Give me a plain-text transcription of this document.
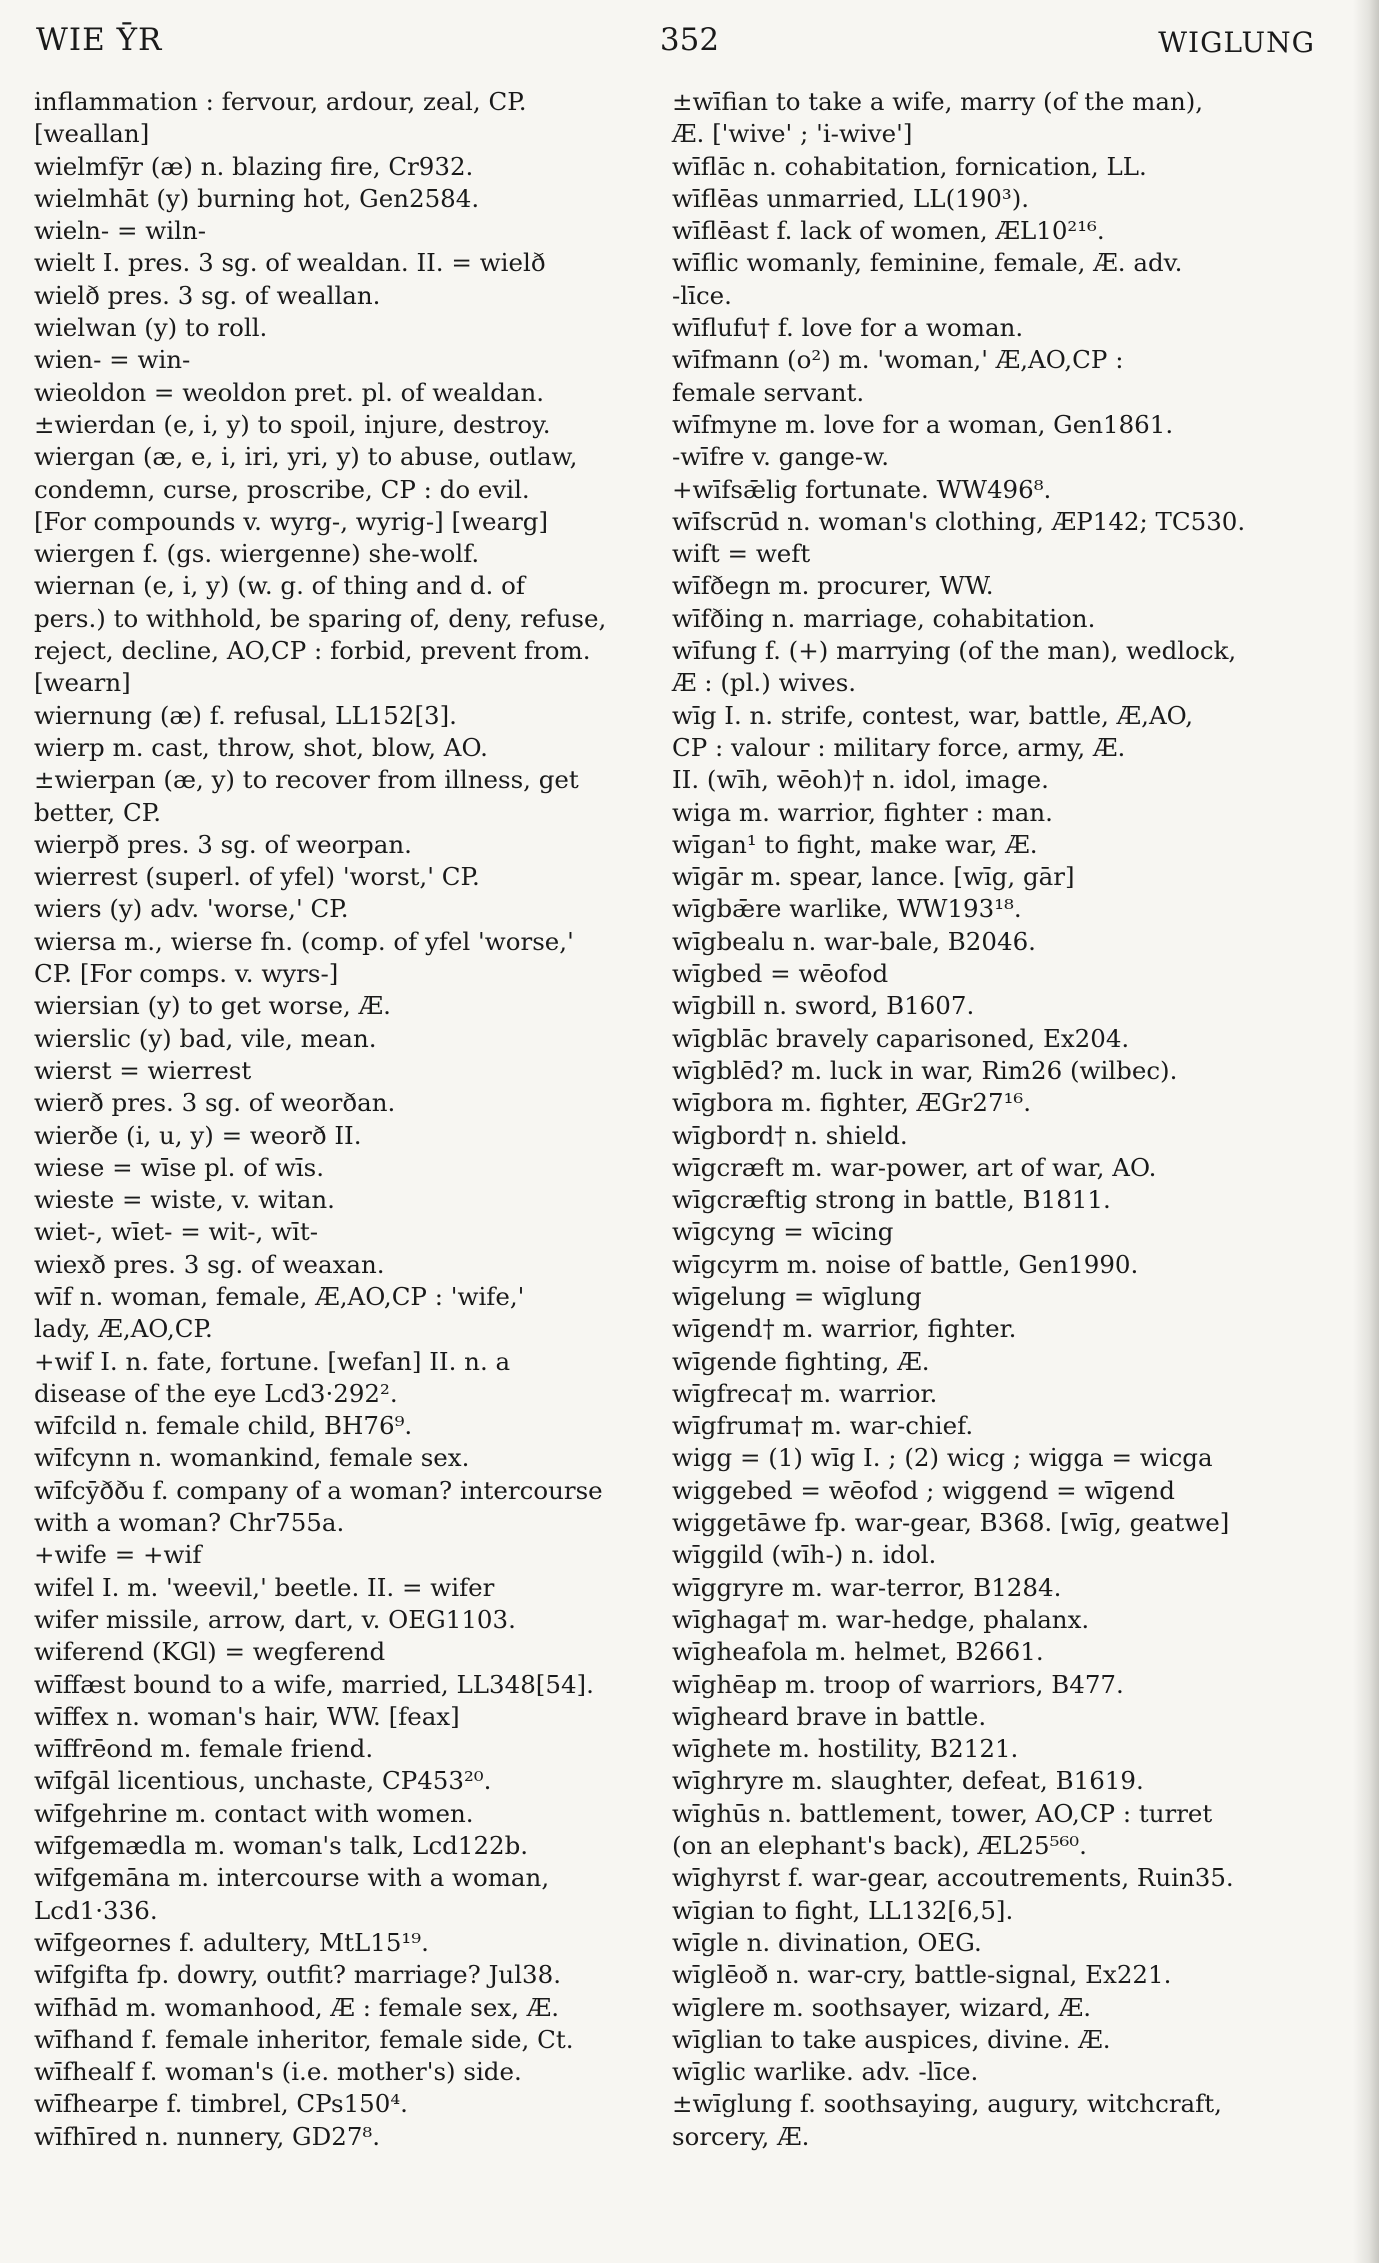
WIE ȲR	352	WIGLUNG
inflammation : fervour, ardour, zeal, CP.
[weallan]
wielmfȳr (æ) n. blazing fire, Cr932.
wielmhāt (y) burning hot, Gen2584.
wieln- = wiln-
wielt I. pres. 3 sg. of wealdan. II. = wielð
wielð pres. 3 sg. of weallan.
wielwan (y) to roll.
wien- = win-
wieoldon = weoldon pret. pl. of wealdan.
±wierdan (e, i, y) to spoil, injure, destroy.
wiergan (æ, e, i, iri, yri, y) to abuse, outlaw,
condemn, curse, proscribe, CP : do evil.
[For compounds v. wyrg-, wyrig-] [wearg]
wiergen f. (gs. wiergenne) she-wolf.
wiernan (e, i, y) (w. g. of thing and d. of
pers.) to withhold, be sparing of, deny, refuse,
reject, decline, AO,CP : forbid, prevent from.
[wearn]
wiernung (æ) f. refusal, LL152[3].
wierp m. cast, throw, shot, blow, AO.
±wierpan (æ, y) to recover from illness, get
better, CP.
wierpð pres. 3 sg. of weorpan.
wierrest (superl. of yfel) 'worst,' CP.
wiers (y) adv. 'worse,' CP.
wiersa m., wierse fn. (comp. of yfel 'worse,'
CP. [For comps. v. wyrs-]
wiersian (y) to get worse, Æ.
wierslic (y) bad, vile, mean.
wierst = wierrest
wierð pres. 3 sg. of weorðan.
wierðe (i, u, y) = weorð II.
wiese = wīse pl. of wīs.
wieste = wiste, v. witan.
wiet-, wīet- = wit-, wīt-
wiexð pres. 3 sg. of weaxan.
wīf n. woman, female, Æ,AO,CP : 'wife,'
lady, Æ,AO,CP.
+wif I. n. fate, fortune. [wefan] II. n. a
disease of the eye Lcd3·292².
wīfcild n. female child, BH76⁹.
wīfcynn n. womankind, female sex.
wīfcȳððu f. company of a woman? intercourse
with a woman? Chr755a.
+wife = +wif
wifel I. m. 'weevil,' beetle. II. = wifer
wifer missile, arrow, dart, v. OEG1103.
wiferend (KGl) = wegferend
wīffæst bound to a wife, married, LL348[54].
wīffex n. woman's hair, WW. [feax]
wīffrēond m. female friend.
wīfgāl licentious, unchaste, CP453²⁰.
wīfgehrine m. contact with women.
wīfgemædla m. woman's talk, Lcd122b.
wīfgemāna m. intercourse with a woman,
Lcd1·336.
wīfgeornes f. adultery, MtL15¹⁹.
wīfgifta fp. dowry, outfit? marriage? Jul38.
wīfhād m. womanhood, Æ : female sex, Æ.
wīfhand f. female inheritor, female side, Ct.
wīfhealf f. woman's (i.e. mother's) side.
wīfhearpe f. timbrel, CPs150⁴.
wīfhīred n. nunnery, GD27⁸.
±wīfian to take a wife, marry (of the man),
Æ. ['wive' ; 'i-wive']
wīflāc n. cohabitation, fornication, LL.
wīflēas unmarried, LL(190³).
wīflēast f. lack of women, ÆL10²¹⁶.
wīflic womanly, feminine, female, Æ. adv.
-līce.
wīflufu† f. love for a woman.
wīfmann (o²) m. 'woman,' Æ,AO,CP :
female servant.
wīfmyne m. love for a woman, Gen1861.
-wīfre v. gange-w.
+wīfsǣlig fortunate. WW496⁸.
wīfscrūd n. woman's clothing, ÆP142; TC530.
wift = weft
wīfðegn m. procurer, WW.
wīfðing n. marriage, cohabitation.
wīfung f. (+) marrying (of the man), wedlock,
Æ : (pl.) wives.
wīg I. n. strife, contest, war, battle, Æ,AO,
CP : valour : military force, army, Æ.
II. (wīh, wēoh)† n. idol, image.
wiga m. warrior, fighter : man.
wīgan¹ to fight, make war, Æ.
wīgār m. spear, lance. [wīg, gār]
wīgbǣre warlike, WW193¹⁸.
wīgbealu n. war-bale, B2046.
wīgbed = wēofod
wīgbill n. sword, B1607.
wīgblāc bravely caparisoned, Ex204.
wīgblēd? m. luck in war, Rim26 (wilbec).
wīgbora m. fighter, ÆGr27¹⁶.
wīgbord† n. shield.
wīgcræft m. war-power, art of war, AO.
wīgcræftig strong in battle, B1811.
wīgcyng = wīcing
wīgcyrm m. noise of battle, Gen1990.
wīgelung = wīglung
wīgend† m. warrior, fighter.
wīgende fighting, Æ.
wīgfreca† m. warrior.
wīgfruma† m. war-chief.
wigg = (1) wīg I. ; (2) wicg ; wigga = wicga
wiggebed = wēofod ; wiggend = wīgend
wiggetāwe fp. war-gear, B368. [wīg, geatwe]
wīggild (wīh-) n. idol.
wīggryre m. war-terror, B1284.
wīghaga† m. war-hedge, phalanx.
wīgheafola m. helmet, B2661.
wīghēap m. troop of warriors, B477.
wīgheard brave in battle.
wīghete m. hostility, B2121.
wīghryre m. slaughter, defeat, B1619.
wīghūs n. battlement, tower, AO,CP : turret
(on an elephant's back), ÆL25⁵⁶⁰.
wīghyrst f. war-gear, accoutrements, Ruin35.
wīgian to fight, LL132[6,5].
wīgle n. divination, OEG.
wīglēoð n. war-cry, battle-signal, Ex221.
wīglere m. soothsayer, wizard, Æ.
wīglian to take auspices, divine. Æ.
wīglic warlike. adv. -līce.
±wīglung f. soothsaying, augury, witchcraft,
sorcery, Æ.
